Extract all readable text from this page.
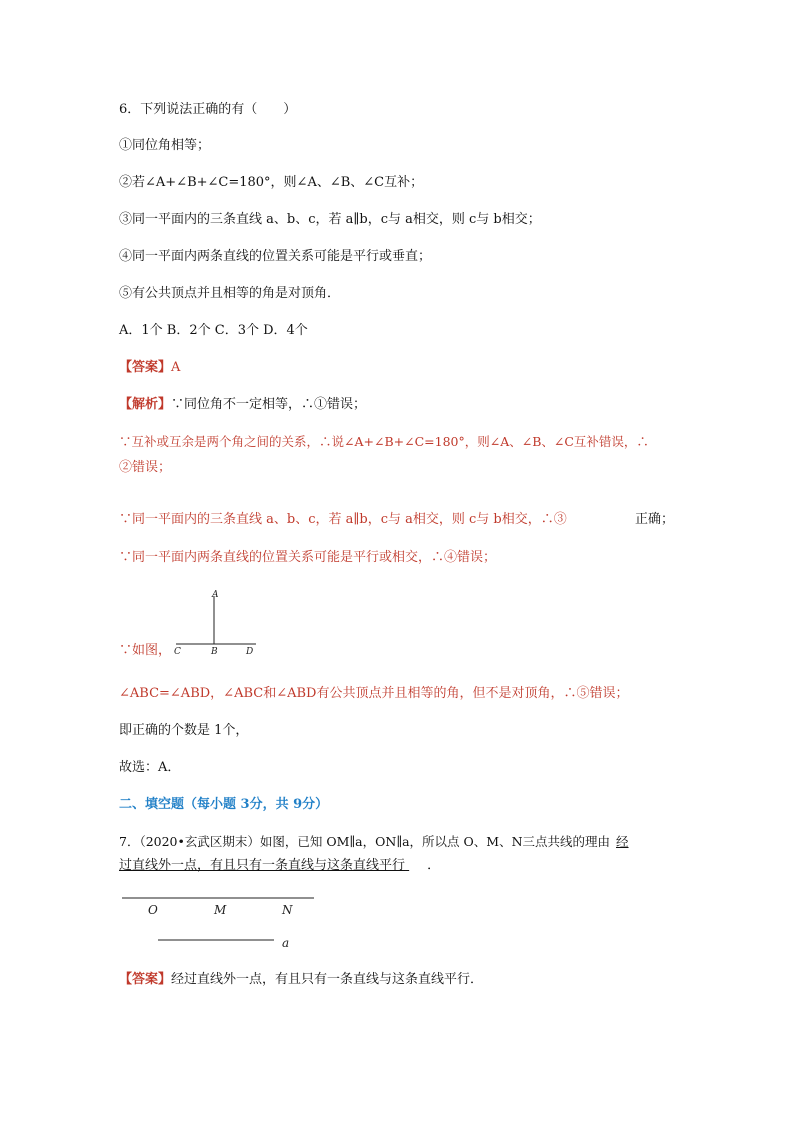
6．下列说法正确的有（　　）
①同位角相等；
②若∠A+∠B+∠C=180°，则∠A、∠B、∠C互补；
③同一平面内的三条直线 a、b、c，若 a∥b，c与 a相交，则 c与 b相交；
④同一平面内两条直线的位置关系可能是平行或垂直；
⑤有公共顶点并且相等的角是对顶角．
A．1个 B．2个 C．3个 D．4个
【答案】A
【解析】∵同位角不一定相等，∴①错误；
∵互补或互余是两个角之间的关系，∴说∠A+∠B+∠C=180°，则∠A、∠B、∠C互补错误，∴
②错误；
∵同一平面内的三条直线 a、b、c，若 a∥b，c与 a相交，则 c与 b相交，∴③	正确；
∵同一平面内两条直线的位置关系可能是平行或相交，∴④错误；
∵如图，
A
C	B	D
∠ABC=∠ABD，∠ABC和∠ABD有公共顶点并且相等的角，但不是对顶角，∴⑤错误；
即正确的个数是 1个，
故选：A．
二、填空题（每小题 3分，共 9分）
7．（2020•玄武区期末）如图，已知 OM∥a，ON∥a，所以点 O、M、N三点共线的理由 经
过直线外一点，有且只有一条直线与这条直线平行 ．
O	M	N
a
【答案】经过直线外一点，有且只有一条直线与这条直线平行．
